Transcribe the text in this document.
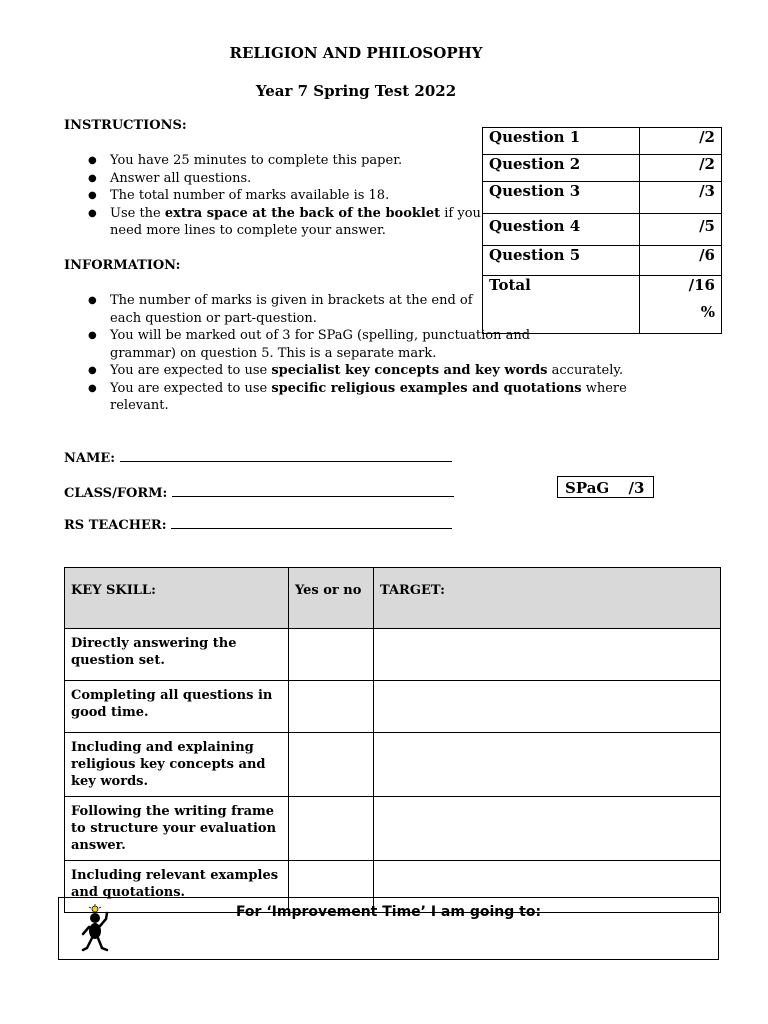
RELIGION AND PHILOSOPHY
Year 7 Spring Test 2022
INSTRUCTIONS:
● You have 25 minutes to complete this paper.
● Answer all questions.
● The total number of marks available is 18.
● Use the extra space at the back of the booklet if you need more lines to complete your answer.
INFORMATION:
● The number of marks is given in brackets at the end of each question or part-question.
● You will be marked out of 3 for SPaG (spelling, punctuation and grammar) on question 5. This is a separate mark.
● You are expected to use specialist key concepts and key words accurately.
● You are expected to use specific religious examples and quotations where relevant.
Question 1	/2
Question 2	/2
Question 3	/3
Question 4	/5
Question 5	/6
Total	/16
%
NAME:
CLASS/FORM:
RS TEACHER:
SPaG /3
KEY SKILL:	Yes or no	TARGET:
Directly answering the question set.		
Completing all questions in good time.		
Including and explaining religious key concepts and key words.		
Following the writing frame to structure your evaluation answer.		
Including relevant examples and quotations.		
For ‘Improvement Time’ I am going to:
